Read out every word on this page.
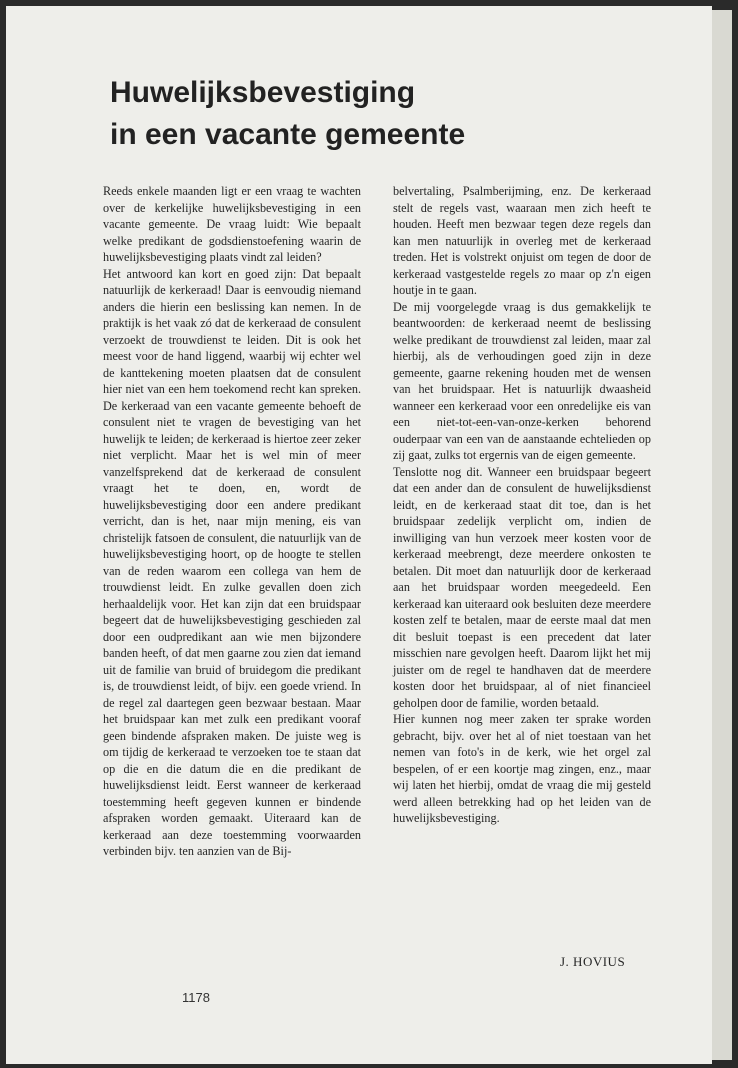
Huwelijksbevestiging
in een vacante gemeente

Reeds enkele maanden ligt er een vraag te wachten over de kerkelijke huwelijksbevestiging in een vacante gemeente. De vraag luidt: Wie bepaalt welke predikant de godsdienstoefening waarin de huwelijksbevestiging plaats vindt zal leiden?

Het antwoord kan kort en goed zijn: Dat bepaalt natuurlijk de kerkeraad! Daar is eenvoudig niemand anders die hierin een beslissing kan nemen. In de praktijk is het vaak zó dat de kerkeraad de consulent verzoekt de trouwdienst te leiden. Dit is ook het meest voor de hand liggend, waarbij wij echter wel de kanttekening moeten plaatsen dat de consulent hier niet van een hem toekomend recht kan spreken. De kerkeraad van een vacante gemeente behoeft de consulent niet te vragen de bevestiging van het huwelijk te leiden; de kerkeraad is hiertoe zeer zeker niet verplicht. Maar het is wel min of meer vanzelfsprekend dat de kerkeraad de consulent vraagt het te doen, en, wordt de huwelijksbevestiging door een andere predikant verricht, dan is het, naar mijn mening, eis van christelijk fatsoen de consulent, die natuurlijk van de huwelijksbevestiging hoort, op de hoogte te stellen van de reden waarom een collega van hem de trouwdienst leidt. En zulke gevallen doen zich herhaaldelijk voor. Het kan zijn dat een bruidspaar begeert dat de huwelijksbevestiging geschieden zal door een oudpredikant aan wie men bijzondere banden heeft, of dat men gaarne zou zien dat iemand uit de familie van bruid of bruidegom die predikant is, de trouwdienst leidt, of bijv. een goede vriend. In de regel zal daartegen geen bezwaar bestaan. Maar het bruidspaar kan met zulk een predikant vooraf geen bindende afspraken maken. De juiste weg is om tijdig de kerkeraad te verzoeken toe te staan dat op die en die datum die en die predikant de huwelijksdienst leidt. Eerst wanneer de kerkeraad toestemming heeft gegeven kunnen er bindende afspraken worden gemaakt. Uiteraard kan de kerkeraad aan deze toestemming voorwaarden verbinden bijv. ten aanzien van de Bij-

belvertaling, Psalmberijming, enz. De kerkeraad stelt de regels vast, waaraan men zich heeft te houden. Heeft men bezwaar tegen deze regels dan kan men natuurlijk in overleg met de kerkeraad treden. Het is volstrekt onjuist om tegen de door de kerkeraad vastgestelde regels zo maar op z'n eigen houtje in te gaan.

De mij voorgelegde vraag is dus gemakkelijk te beantwoorden: de kerkeraad neemt de beslissing welke predikant de trouwdienst zal leiden, maar zal hierbij, als de verhoudingen goed zijn in deze gemeente, gaarne rekening houden met de wensen van het bruidspaar. Het is natuurlijk dwaasheid wanneer een kerkeraad voor een onredelijke eis van een niet-tot-een-van-onze-kerken behorend ouderpaar van een van de aanstaande echtelieden op zij gaat, zulks tot ergernis van de eigen gemeente.

Tenslotte nog dit. Wanneer een bruidspaar begeert dat een ander dan de consulent de huwelijksdienst leidt, en de kerkeraad staat dit toe, dan is het bruidspaar zedelijk verplicht om, indien de inwilliging van hun verzoek meer kosten voor de kerkeraad meebrengt, deze meerdere onkosten te betalen. Dit moet dan natuurlijk door de kerkeraad aan het bruidspaar worden meegedeeld. Een kerkeraad kan uiteraard ook besluiten deze meerdere kosten zelf te betalen, maar de eerste maal dat men dit besluit toepast is een precedent dat later misschien nare gevolgen heeft. Daarom lijkt het mij juister om de regel te handhaven dat de meerdere kosten door het bruidspaar, al of niet financieel geholpen door de familie, worden betaald.

Hier kunnen nog meer zaken ter sprake worden gebracht, bijv. over het al of niet toestaan van het nemen van foto's in de kerk, wie het orgel zal bespelen, of er een koortje mag zingen, enz., maar wij laten het hierbij, omdat de vraag die mij gesteld werd alleen betrekking had op het leiden van de huwelijksbevestiging.

J. HOVIUS
1178
